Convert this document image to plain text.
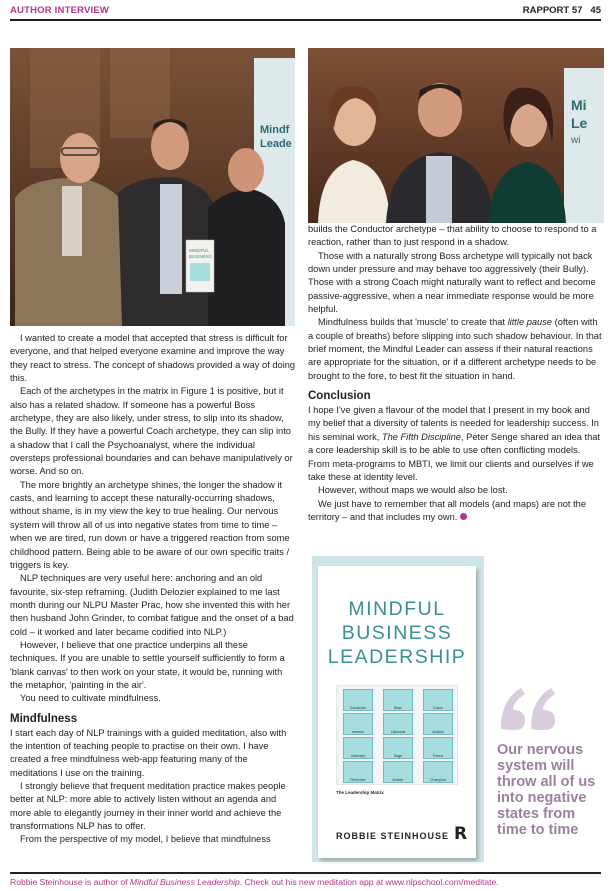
AUTHOR INTERVIEW	RAPPORT 57 45
Mindf
Leade
MINDFUL
BUSINESS
Mi
Le
wi

I wanted to create a model that accepted that stress is difficult for everyone, and that helped everyone examine and improve the way they react to stress. The concept of shadows provided a way of doing this.

Each of the archetypes in the matrix in Figure 1 is positive, but it also has a related shadow. If someone has a powerful Boss archetype, they are also likely, under stress, to slip into its shadow, the Bully. If they have a powerful Coach archetype, they can slip into a shadow that I call the Psychoanalyst, where the individual oversteps professional boundaries and can behave manipulatively or worse. And so on.

The more brightly an archetype shines, the longer the shadow it casts, and learning to accept these naturally-occurring shadows, without shame, is in my view the key to true healing. Our nervous system will throw all of us into negative states from time to time – when we are tired, run down or have a triggered reaction from some childhood pattern. Being able to be aware of our own specific traits / triggers is key.

NLP techniques are very useful here: anchoring and an old favourite, six-step reframing. (Judith Delozier explained to me last month during our NLPU Master Prac, how she invented this with her then husband John Grinder, to combat fatigue and the onset of a bad cold – it worked and later became codified into NLP.)

However, I believe that one practice underpins all these techniques. If you are unable to settle yourself sufficiently to form a 'blank canvas' to then work on your state, it would be, running with the metaphor, 'painting in the air'.

You need to cultivate mindfulness.

Mindfulness

I start each day of NLP trainings with a guided meditation, also with the intention of teaching people to practise on their own. I have created a free mindfulness web-app featuring many of the meditations I use on the training.

I strongly believe that frequent meditation practice makes people better at NLP: more able to actively listen without an agenda and more able to elegantly journey in their inner world and achieve the transformations NLP has to offer.

From the perspective of my model, I believe that mindfulness

builds the Conductor archetype – that ability to choose to respond to a reaction, rather than to just respond in a shadow.

Those with a naturally strong Boss archetype will typically not back down under pressure and may behave too aggressively (their Bully). Those with a strong Coach might naturally want to reflect and become passive-aggressive, when a near immediate response would be more helpful.

Mindfulness builds that 'muscle' to create that little pause (often with a couple of breaths) before slipping into such shadow behaviour. In that brief moment, the Mindful Leader can assess if their natural reactions are appropriate for the situation, or if a different archetype needs to be brought to the fore, to best fit the situation in hand.

Conclusion

I hope I've given a flavour of the model that I present in my book and my belief that a diversity of talents is needed for leadership success. In his seminal work, The Fifth Discipline, Peter Senge shared an idea that a core leadership skill is to be able to use often conflicting models. From meta-programs to MBTI, we limit our clients and ourselves if we take these at identity level.

However, without maps we would also be lost.

We just have to remember that all models (and maps) are not the territory – and that includes my own.

MINDFUL
BUSINESS
LEADERSHIP
Conductor	Boss	Coach
Inventor	Diplomat	Analyst
Visionary	Sage	Friend
Performer	Builder	Champion
The Leadership Matrix
ROBBIE STEINHOUSE R
Our nervous system will throw all of us into negative states from time to time
Robbie Steinhouse is author of Mindful Business Leadership. Check out his new meditation app at www.nlpschool.com/meditate.
